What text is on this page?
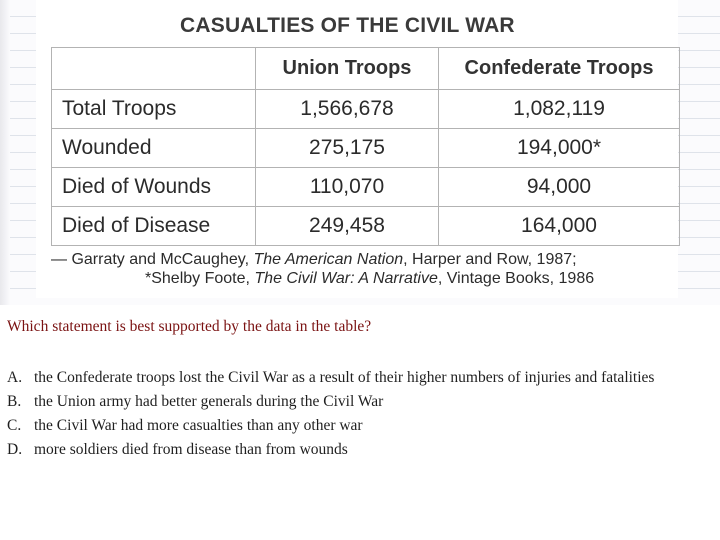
CASUALTIES OF THE CIVIL WAR
	Union Troops	Confederate Troops
Total Troops	1,566,678	1,082,119
Wounded	275,175	194,000*
Died of Wounds	110,070	94,000
Died of Disease	249,458	164,000
— Garraty and McCaughey, The American Nation, Harper and Row, 1987;
*Shelby Foote, The Civil War: A Narrative, Vintage Books, 1986
Which statement is best supported by the data in the table?
A. the Confederate troops lost the Civil War as a result of their higher numbers of injuries and fatalities
B. the Union army had better generals during the Civil War
C. the Civil War had more casualties than any other war
D. more soldiers died from disease than from wounds
